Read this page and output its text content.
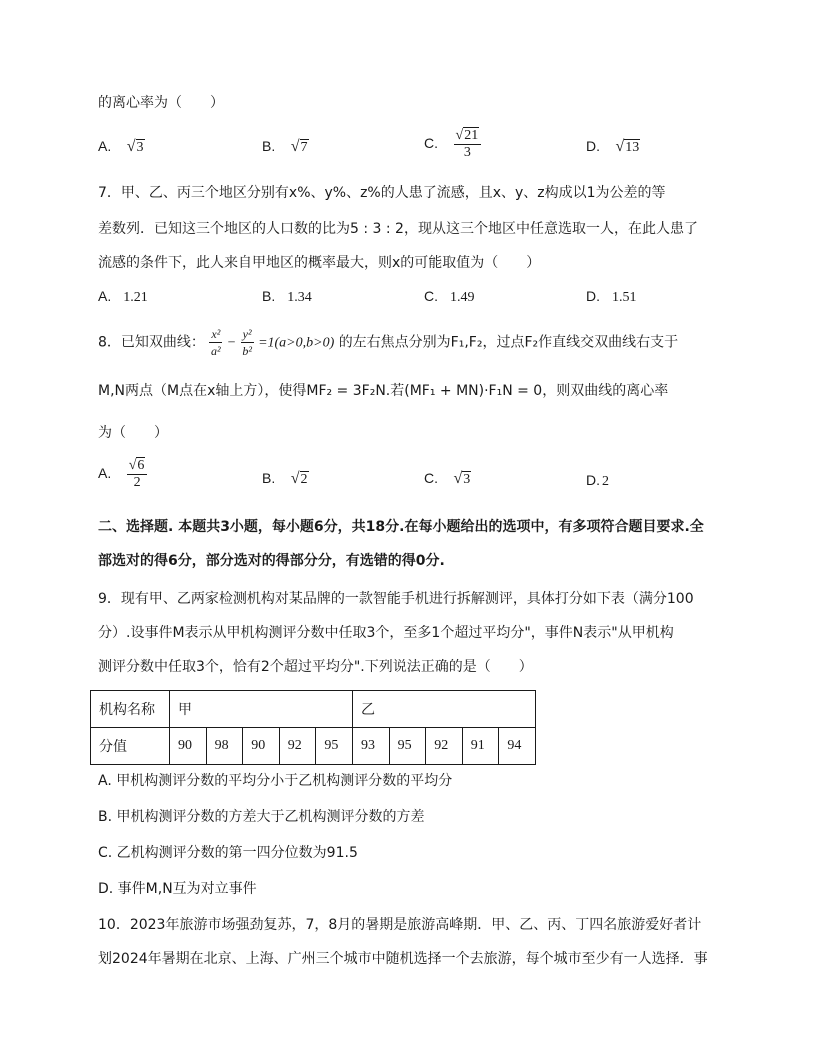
的离心率为（　　）
A. √3	B. √7	C. $\frac{√21}{3}$	D. √13
7．甲、乙、丙三个地区分别有x%、y%、z%的人患了流感，且x、y、z构成以1为公差的等
差数列．已知这三个地区的人口数的比为5 : 3 : 2，现从这三个地区中任意选取一人，在此人患了
流感的条件下，此人来自甲地区的概率最大，则x的可能取值为（　　）
A. 1.21	B. 1.34	C. 1.49	D. 1.51
8．已知双曲线： $\frac{\text{x²}}{\text{a²}} - \frac{\text{y²}}{\text{b²}} =1(a>0,b>0)$ 的左右焦点分别为F₁,F₂，过点F₂作直线交双曲线右支于
M,N两点（M点在x轴上方），使得MF₂ = 3F₂N.若(MF₁ + MN)·F₁N = 0，则双曲线的离心率
为（　　）
A. $\frac{√6}{2}$	B. √2	C. √3	D. 2
二、选择题. 本题共3小题，每小题6分，共18分.在每小题给出的选项中，有多项符合题目要求.全
部选对的得6分，部分选对的得部分分，有选错的得0分.
9．现有甲、乙两家检测机构对某品牌的一款智能手机进行拆解测评，具体打分如下表（满分100
分）.设事件M表示从甲机构测评分数中任取3个，至多1个超过平均分"，事件N表示"从甲机构
测评分数中任取3个，恰有2个超过平均分".下列说法正确的是（　　）
机构名称	甲					乙				
分值	90	98	90	92	95	93	95	92	91	94
A. 甲机构测评分数的平均分小于乙机构测评分数的平均分
B. 甲机构测评分数的方差大于乙机构测评分数的方差
C. 乙机构测评分数的第一四分位数为91.5
D. 事件M,N互为对立事件
10．2023年旅游市场强劲复苏，7，8月的暑期是旅游高峰期．甲、乙、丙、丁四名旅游爱好者计
划2024年暑期在北京、上海、广州三个城市中随机选择一个去旅游，每个城市至少有一人选择．事
